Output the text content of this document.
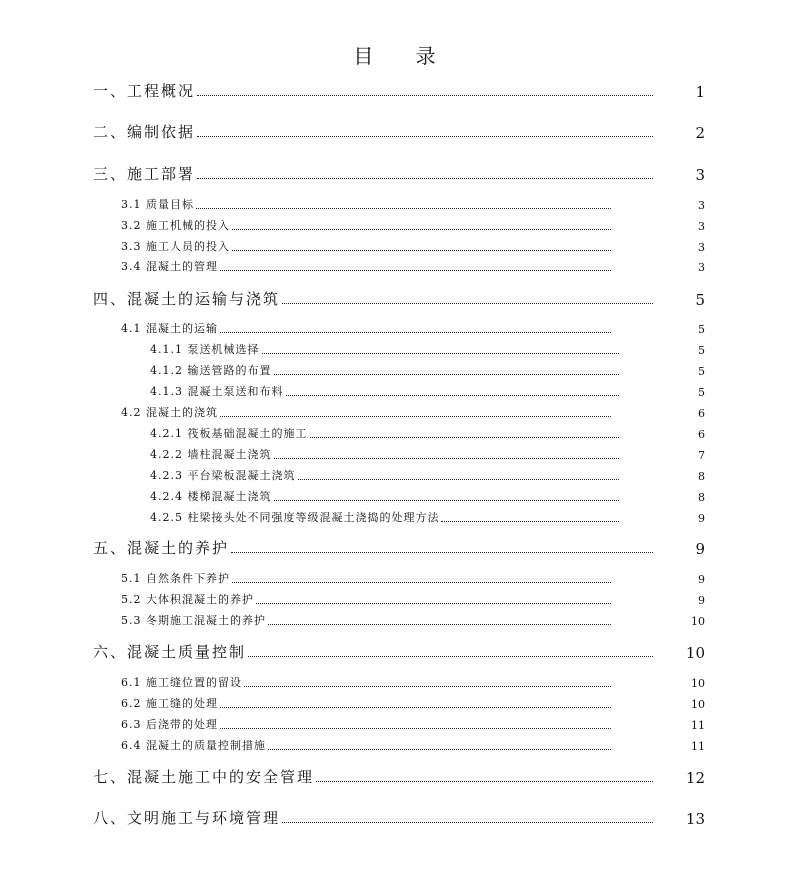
目 录
一、工程概况	1
二、编制依据	2
三、施工部署	3
3.1 质量目标	3
3.2 施工机械的投入	3
3.3 施工人员的投入	3
3.4 混凝土的管理	3
四、混凝土的运输与浇筑	5
4.1 混凝土的运输	5
4.1.1 泵送机械选择	5
4.1.2 输送管路的布置	5
4.1.3 混凝土泵送和布料	5
4.2 混凝土的浇筑	6
4.2.1 筏板基础混凝土的施工	6
4.2.2 墙柱混凝土浇筑	7
4.2.3 平台梁板混凝土浇筑	8
4.2.4 楼梯混凝土浇筑	8
4.2.5 柱梁接头处不同强度等级混凝土浇捣的处理方法	9
五、混凝土的养护	9
5.1 自然条件下养护	9
5.2 大体积混凝土的养护	9
5.3 冬期施工混凝土的养护	10
六、混凝土质量控制	10
6.1 施工缝位置的留设	10
6.2 施工缝的处理	10
6.3 后浇带的处理	11
6.4 混凝土的质量控制措施	11
七、混凝土施工中的安全管理	12
八、文明施工与环境管理	13
